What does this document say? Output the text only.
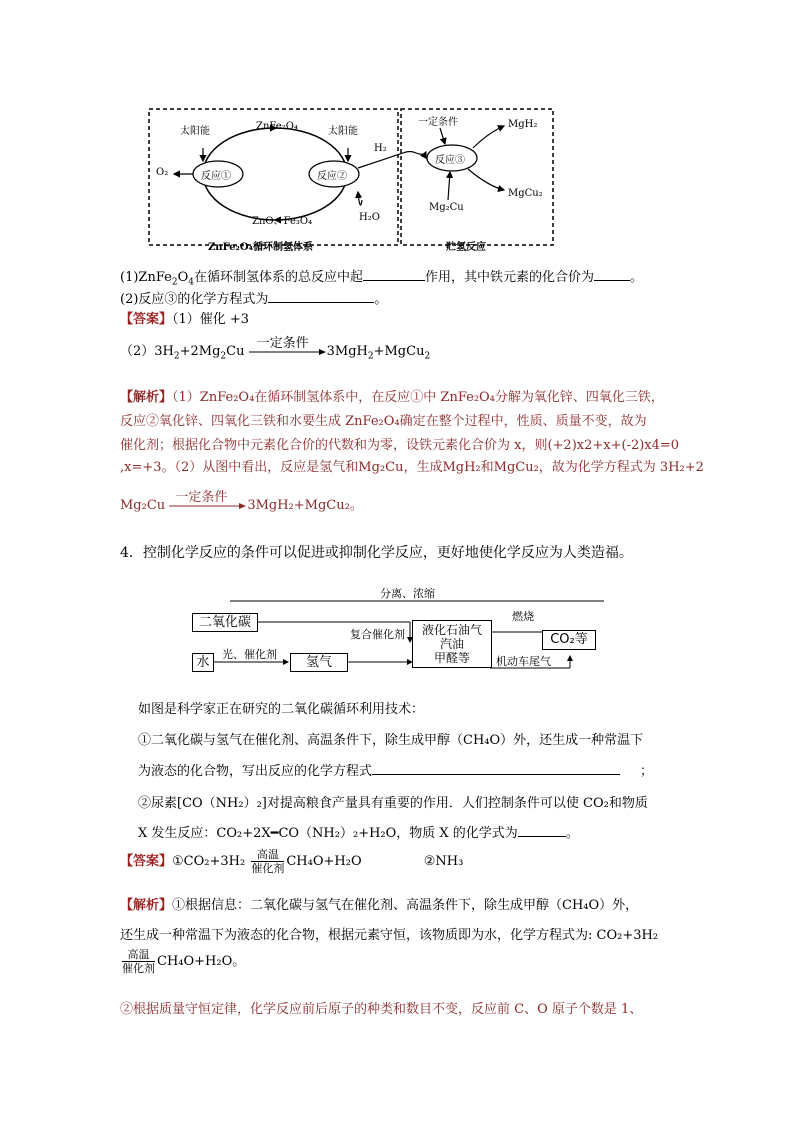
太阳能	太阳能
ZnFe₂O₄
ZnO、Fe₃O₄
反应①	反应②
反应③
O₂
H₂
H₂O
一定条件	MgH₂
MgCu₂
Mg₂Cu
ZnFe₂O₄循环制氢体系	贮氢反应
$(1)ZnFe_2O_4$在循环制氢体系的总反应中起	作用，其中铁元素的化合价为	。
(2)反应③的化学方程式为	。
【答案】（1）催化 +3
$(2)3H_2+2Mg_2Cu$
一定条件
3MgH$_2$+MgCu$_2$
【解析】（1）ZnFe₂O₄在循环制氢体系中，在反应①中 ZnFe₂O₄分解为氧化锌、四氧化三铁，
反应②氧化锌、四氧化三铁和水要生成 ZnFe₂O₄确定在整个过程中，性质、质量不变，故为
催化剂；根据化合物中元素化合价的代数和为零，设铁元素化合价为 x，则(+2)x2+x+(-2)x4=0
,x=+3。（2）从图中看出，反应是氢气和Mg₂Cu，生成MgH₂和MgCu₂，故为化学方程式为 3H₂+2
Mg₂Cu
一定条件
3MgH₂+MgCu₂。
4．控制化学反应的条件可以促进或抑制化学反应，更好地使化学反应为人类造福。
二氧化碳
水	氢气
液化石油气
汽油
甲醛等
CO₂等
分离、浓缩
光、催化剂
复合催化剂
燃烧
机动车尾气
如图是科学家正在研究的二氧化碳循环利用技术：
①二氧化碳与氢气在催化剂、高温条件下，除生成甲醇（CH₄O）外，还生成一种常温下
为液态的化合物，写出反应的化学方程式	；
②尿素[CO（NH₂）₂]对提高粮食产量具有重要的作用．人们控制条件可以使 CO₂和物质
X 发生反应：CO₂+2X━CO（NH₂）₂+H₂O，物质 X 的化学式为	。
【答案】①CO₂+3H₂ $\frac{\text{高温}}{\text{催化剂}} CH_4O+H_2O$	②NH₃
【解析】①根据信息：二氧化碳与氢气在催化剂、高温条件下，除生成甲醇（CH₄O）外，
还生成一种常温下为液态的化合物，根据元素守恒，该物质即为水，化学方程式为: CO₂+3H₂
$\frac{\text{高温}}{\text{催化剂}} CH_4O+H_2O$。
②根据质量守恒定律，化学反应前后原子的种类和数目不变，反应前 C、O 原子个数是 1、
